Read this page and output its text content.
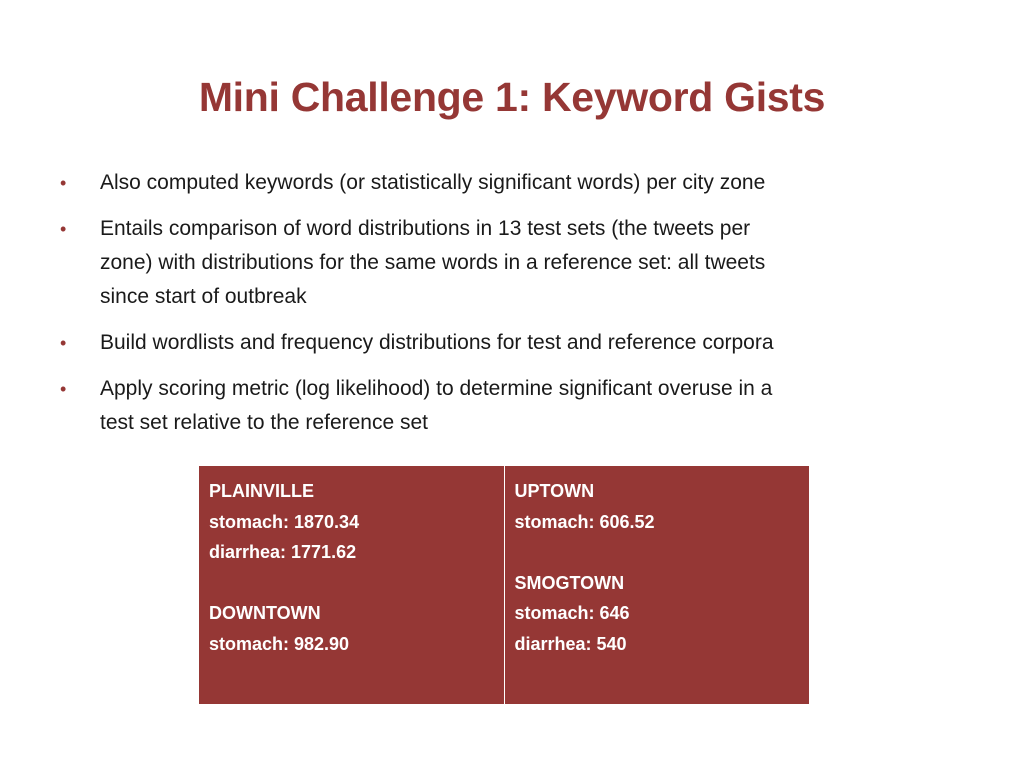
Mini Challenge 1: Keyword Gists
•	Also computed keywords (or statistically significant words) per city zone
•	Entails comparison of word distributions in 13 test sets (the tweets per
zone) with distributions for the same words in a reference set: all tweets
since start of outbreak
•	Build wordlists and frequency distributions for test and reference corpora
•	Apply scoring metric (log likelihood) to determine significant overuse in a
test set relative to the reference set
PLAINVILLE
stomach: 1870.34
diarrhea: 1771.62
DOWNTOWN
stomach: 982.90

UPTOWN
stomach: 606.52
SMOGTOWN
stomach: 646
diarrhea: 540
